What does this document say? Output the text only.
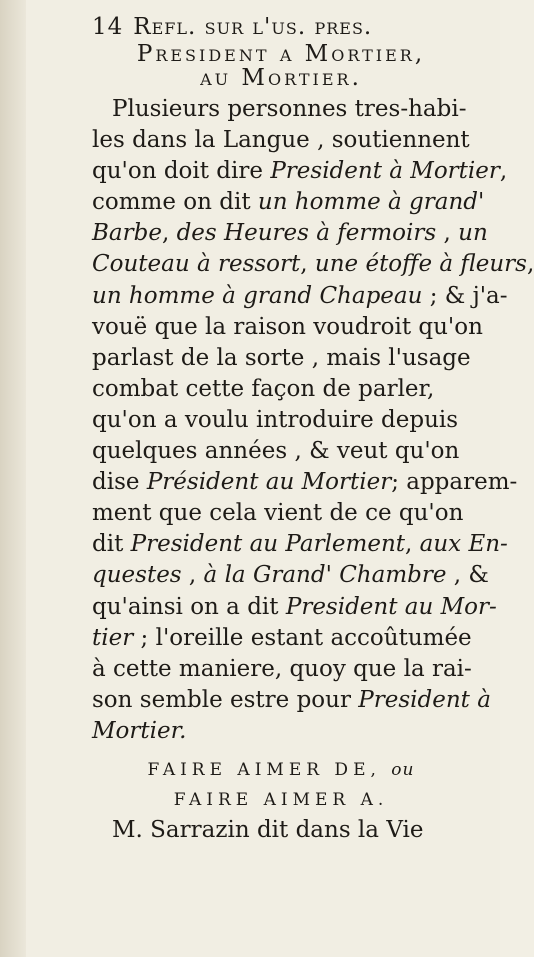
14 Refl. sur l'us. pres.
President a Mortier,
au Mortier.
Plusieurs personnes tres-habi-
les dans la Langue , soutiennent
qu'on doit dire President à Mortier,
comme on dit un homme à grand'
Barbe, des Heures à fermoirs , un
Couteau à ressort, une étoffe à fleurs,
un homme à grand Chapeau ; & j'a-
vouë que la raison voudroit qu'on
parlast de la sorte , mais l'usage
combat cette façon de parler,
qu'on a voulu introduire depuis
quelques années , & veut qu'on
dise Président au Mortier; apparem-
ment que cela vient de ce qu'on
dit President au Parlement, aux En-
questes , à la Grand' Chambre , &
qu'ainsi on a dit President au Mor-
tier ; l'oreille estant accoûtumée
à cette maniere, quoy que la rai-
son semble estre pour President à
Mortier.
FAIRE AIMER DE, ou
FAIRE AIMER A.
M. Sarrazin dit dans la Vie
